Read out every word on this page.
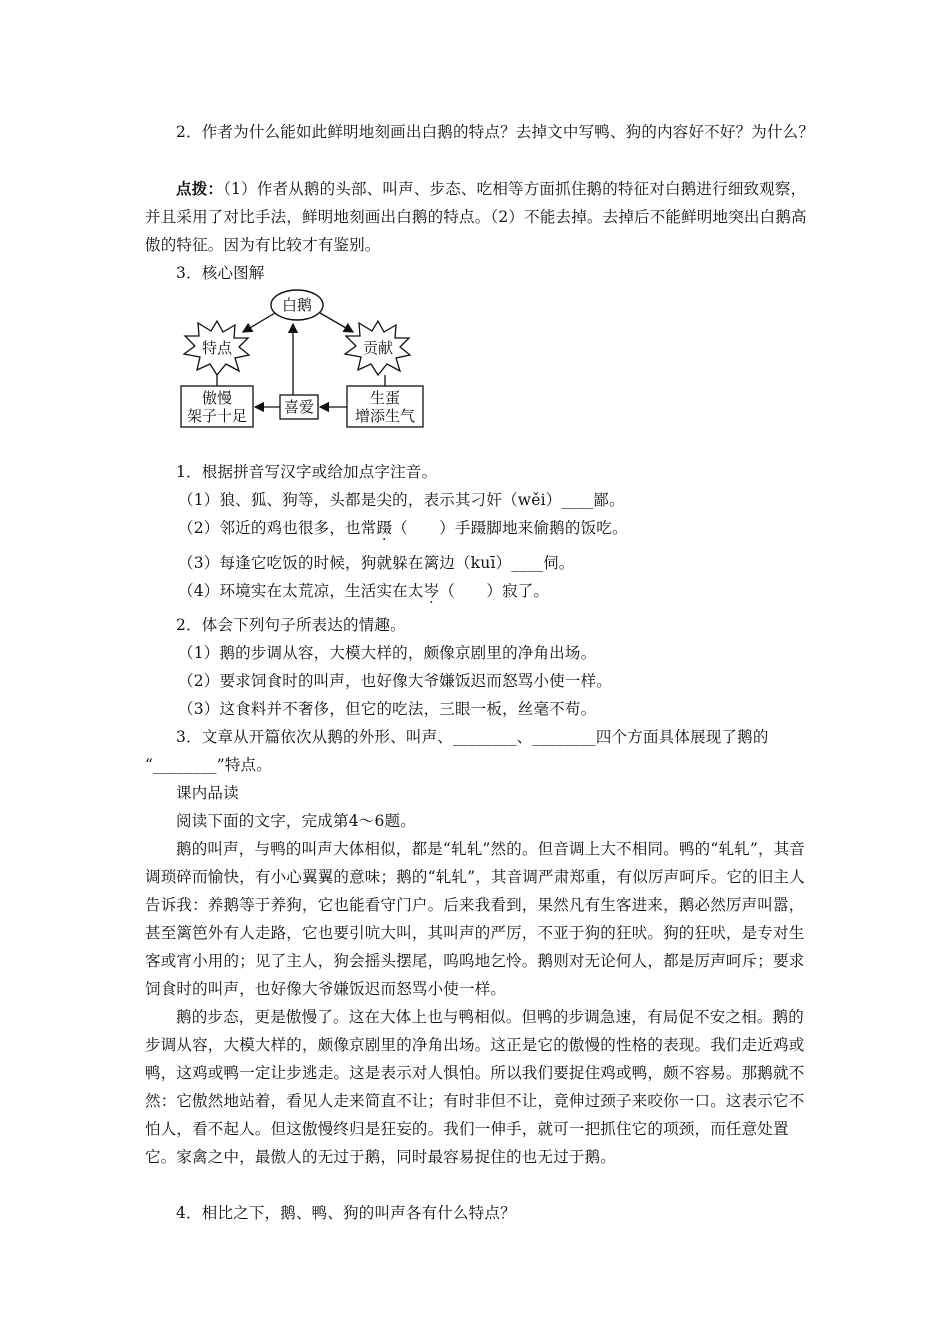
2．作者为什么能如此鲜明地刻画出白鹅的特点？去掉文中写鸭、狗的内容好不好？为什么？

点拨：（1）作者从鹅的头部、叫声、步态、吃相等方面抓住鹅的特征对白鹅进行细致观察，并且采用了对比手法，鲜明地刻画出白鹅的特点。（2）不能去掉。去掉后不能鲜明地突出白鹅高傲的特征。因为有比较才有鉴别。

3．核心图解

白鹅
特点	贡献
傲慢
架子十足 喜爱	生蛋
增添生气

1．根据拼音写汉字或给加点字注音。

（1）狼、狐、狗等，头都是尖的，表示其刁奸（wěi）____鄙。

（2）邻近的鸡也很多，也常蹑（　　）手蹑脚地来偷鹅的饭吃。

（3）每逢它吃饭的时候，狗就躲在篱边（kuī）____伺。

（4）环境实在太荒凉，生活实在太岑（　　）寂了。

2．体会下列句子所表达的情趣。

（1）鹅的步调从容，大模大样的，颇像京剧里的净角出场。

（2）要求饲食时的叫声，也好像大爷嫌饭迟而怒骂小使一样。

（3）这食料并不奢侈，但它的吃法，三眼一板，丝毫不苟。

3．文章从开篇依次从鹅的外形、叫声、________、________四个方面具体展现了鹅的

“________”特点。

课内品读

阅读下面的文字，完成第4～6题。

鹅的叫声，与鸭的叫声大体相似，都是“轧轧”然的。但音调上大不相同。鸭的“轧轧”，其音调琐碎而愉快，有小心翼翼的意味；鹅的“轧轧”，其音调严肃郑重，有似厉声呵斥。它的旧主人告诉我：养鹅等于养狗，它也能看守门户。后来我看到，果然凡有生客进来，鹅必然厉声叫嚣，甚至篱笆外有人走路，它也要引吭大叫，其叫声的严厉，不亚于狗的狂吠。狗的狂吠，是专对生客或宵小用的；见了主人，狗会摇头摆尾，呜呜地乞怜。鹅则对无论何人，都是厉声呵斥；要求饲食时的叫声，也好像大爷嫌饭迟而怒骂小使一样。

鹅的步态，更是傲慢了。这在大体上也与鸭相似。但鸭的步调急速，有局促不安之相。鹅的步调从容，大模大样的，颇像京剧里的净角出场。这正是它的傲慢的性格的表现。我们走近鸡或鸭，这鸡或鸭一定让步逃走。这是表示对人惧怕。所以我们要捉住鸡或鸭，颇不容易。那鹅就不然：它傲然地站着，看见人走来简直不让；有时非但不让，竟伸过颈子来咬你一口。这表示它不怕人，看不起人。但这傲慢终归是狂妄的。我们一伸手，就可一把抓住它的项颈，而任意处置它。家禽之中，最傲人的无过于鹅，同时最容易捉住的也无过于鹅。

4．相比之下，鹅、鸭、狗的叫声各有什么特点？
